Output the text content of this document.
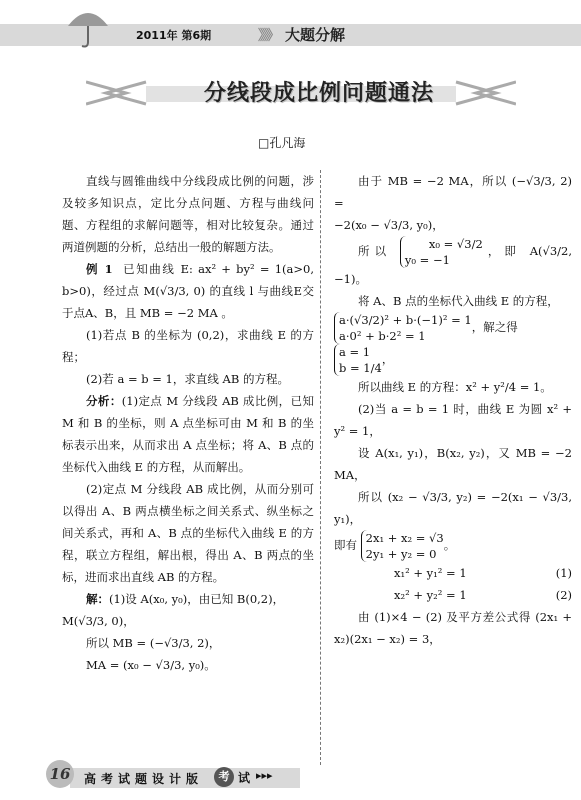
2011年 第6期	》》》 大题分解
分线段成比例问题通法
□孔凡海

直线与圆锥曲线中分线段成比例的问题，涉及较多知识点，定比分点问题、方程与曲线问题、方程组的求解问题等，相对比较复杂。通过两道例题的分析，总结出一般的解题方法。

例 1 已知曲线 E: ax² + by² = 1(a>0, b>0)，经过点 M(√3/3, 0) 的直线 l 与曲线E交于点A、B，且 MB = −2 MA 。

(1)若点 B 的坐标为 (0,2)，求曲线 E 的方程；

(2)若 a = b = 1，求直线 AB 的方程。

分析：(1)定点 M 分线段 AB 成比例，已知 M 和 B 的坐标，则 A 点坐标可由 M 和 B 的坐标表示出来，从而求出 A 点坐标；将 A、B 点的坐标代入曲线 E 的方程，从而解出。

(2)定点 M 分线段 AB 成比例，从而分别可以得出 A、B 两点横坐标之间关系式、纵坐标之间关系式，再和 A、B 点的坐标代入曲线 E 的方程，联立方程组，解出根，得出 A、B 两点的坐标，进而求出直线 AB 的方程。

解：(1)设 A(x₀, y₀)，由已知 B(0,2)，

M(√3/3, 0)，

所以 MB = (−√3/3, 2)，

MA = (x₀ − √3/3, y₀)。

由于 MB = −2 MA，所以 (−√3/3, 2) =

−2(x₀ − √3/3, y₀)，

所以	x₀ = √3/2
y₀ = −1，即 A(√3/2, −1)。

将 A、B 点的坐标代入曲线 E 的方程，

a·(√3/2)² + b·(−1)² = 1
a·0² + b·2² = 1，解之得

a = 1
b = 1/4，

所以曲线 E 的方程：x² + y²/4 = 1。

(2)当 a = b = 1 时，曲线 E 为圆 x² + y² = 1，

设 A(x₁, y₁)，B(x₂, y₂)，又 MB = −2 MA，

所以 (x₂ − √3/3, y₂) = −2(x₁ − √3/3, y₁)，

即有 2x₁ + x₂ = √3
2y₁ + y₂ = 0。

x₁² + y₁² = 1	(1)
x₂² + y₂² = 1	(2)

由 (1)×4 − (2) 及平方差公式得 (2x₁ + x₂)(2x₁ − x₂) = 3，

16 高考试题设计版	考 试 ▸▸▸
